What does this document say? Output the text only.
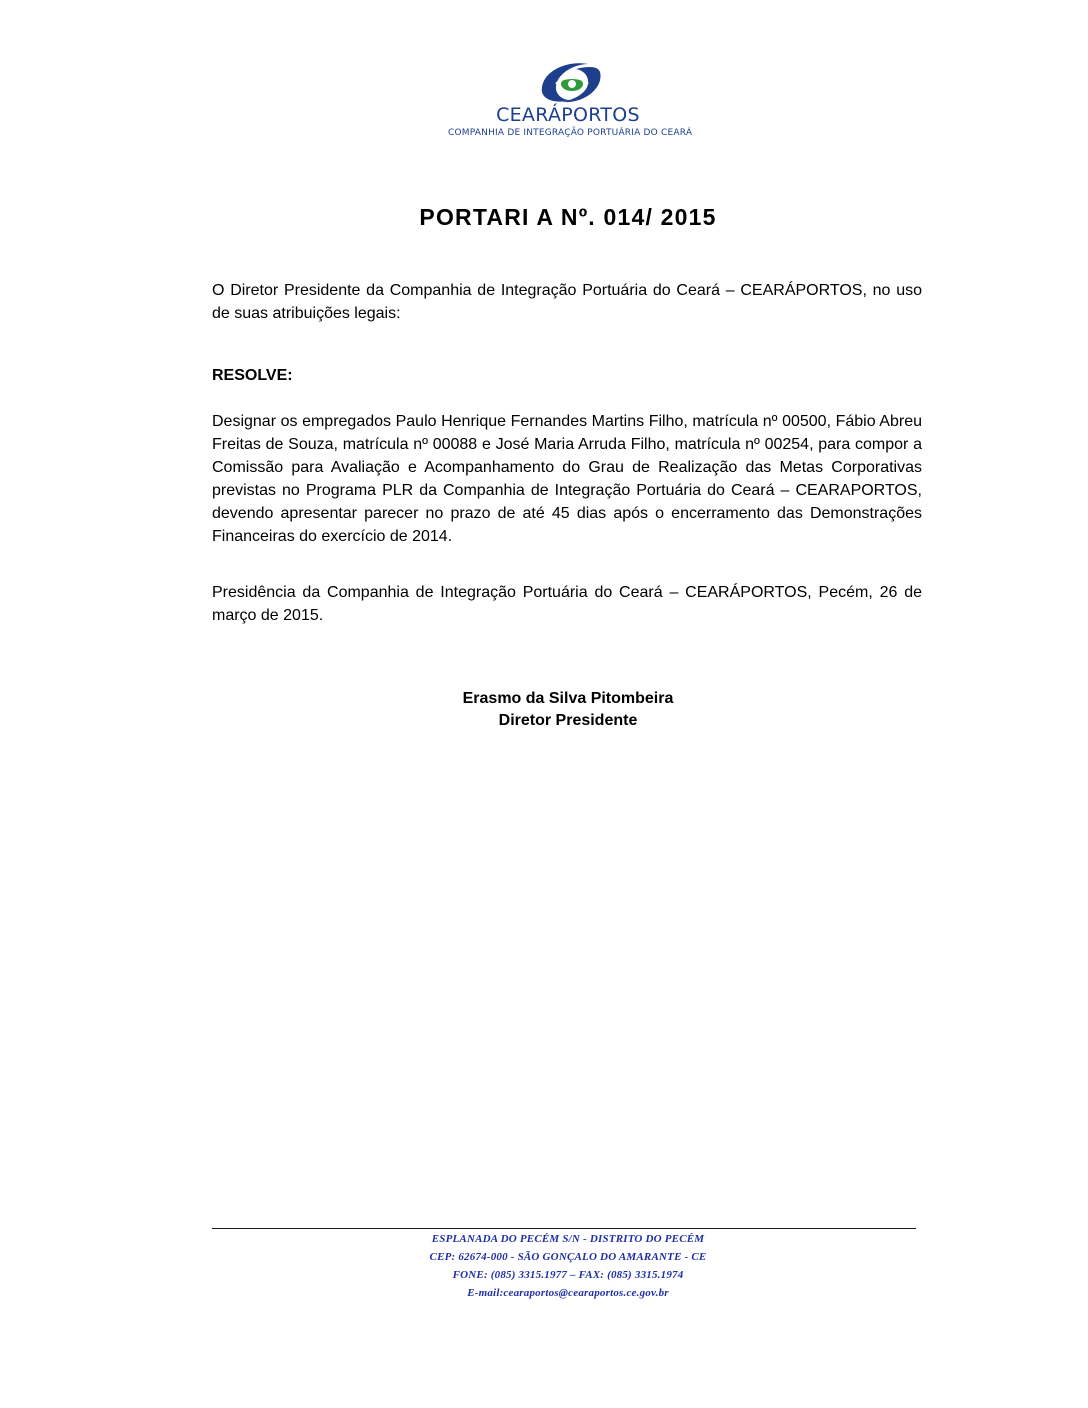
CEARÁPORTOS
COMPANHIA DE INTEGRAÇÃO PORTUÁRIA DO CEARÁ
PORTARI A Nº. 014/ 2015
O Diretor Presidente da Companhia de Integração Portuária do Ceará – CEARÁPORTOS, no uso de suas atribuições legais:
RESOLVE:
Designar os empregados Paulo Henrique Fernandes Martins Filho, matrícula nº 00500, Fábio Abreu Freitas de Souza, matrícula nº 00088 e José Maria Arruda Filho, matrícula nº 00254, para compor a Comissão para Avaliação e Acompanhamento do Grau de Realização das Metas Corporativas previstas no Programa PLR da Companhia de Integração Portuária do Ceará – CEARAPORTOS, devendo apresentar parecer no prazo de até 45 dias após o encerramento das Demonstrações Financeiras do exercício de 2014.
Presidência da Companhia de Integração Portuária do Ceará – CEARÁPORTOS, Pecém, 26 de março de 2015.
Erasmo da Silva Pitombeira
Diretor Presidente
ESPLANADA DO PECÉM S/N - DISTRITO DO PECÉM
CEP: 62674-000 - SÃO GONÇALO DO AMARANTE - CE
FONE: (085) 3315.1977 – FAX: (085) 3315.1974
E-mail:cearaportos@cearaportos.ce.gov.br
